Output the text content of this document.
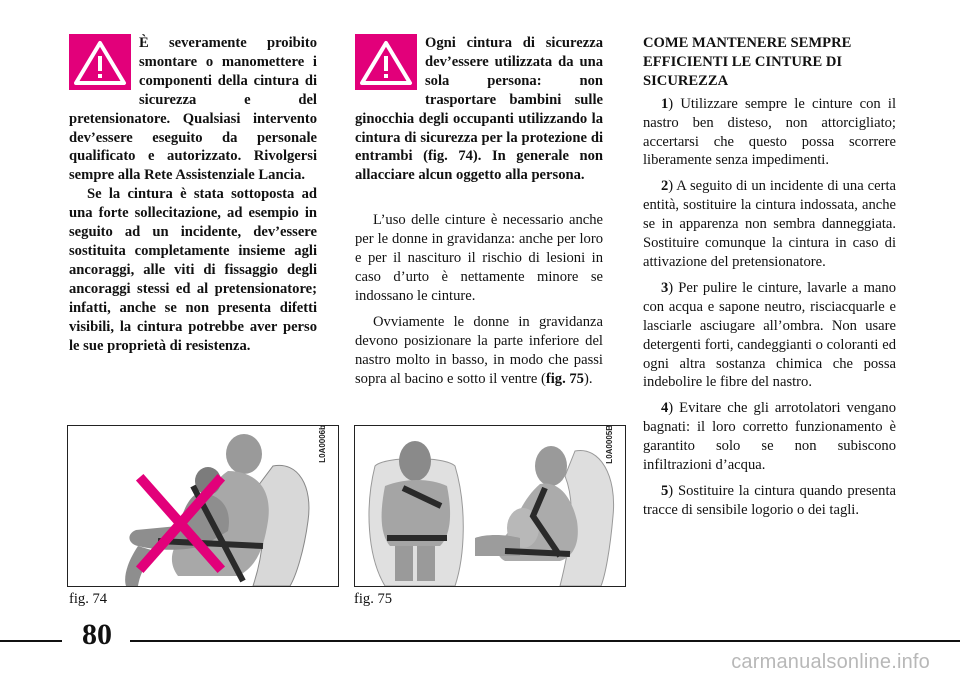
È severamente proibito smontare o manomettere i componenti della cintura di sicurezza e del pretensionatore. Qualsiasi intervento dev’essere eseguito da personale qualificato e autorizzato. Rivolgersi sempre alla Rete Assistenziale Lancia.
Se la cintura è stata sottoposta ad una forte sollecitazione, ad esempio in seguito ad un incidente, dev’essere sostituita completamente insieme agli ancoraggi, alle viti di fissaggio degli ancoraggi stessi ed al pretensionatore; infatti, anche se non presenta difetti visibili, la cintura potrebbe aver perso le sue proprietà di resistenza.
Ogni cintura di sicurezza dev’essere utilizzata da una sola persona: non trasportare bambini sulle ginocchia degli occupanti utilizzando la cintura di sicurezza per la protezione di entrambi (fig. 74). In generale non allacciare alcun oggetto alla persona.

L’uso delle cinture è necessario anche per le donne in gravidanza: anche per loro e per il nascituro il rischio di lesioni in caso d’urto è nettamente minore se indossano le cinture.

Ovviamente le donne in gravidanza devono posizionare la parte inferiore del nastro molto in basso, in modo che passi sopra al bacino e sotto il ventre (fig. 75).

COME MANTENERE SEMPRE EFFICIENTI LE CINTURE DI SICUREZZA

1) Utilizzare sempre le cinture con il nastro ben disteso, non attorcigliato; accertarsi che questo possa scorrere liberamente senza impedimenti.

2) A seguito di un incidente di una certa entità, sostituire la cintura indossata, anche se in apparenza non sembra danneggiata. Sostituire comunque la cintura in caso di attivazione del pretensionatore.

3) Per pulire le cinture, lavarle a mano con acqua e sapone neutro, risciacquarle e lasciarle asciugare all’ombra. Non usare detergenti forti, candeggianti o coloranti ed ogni altra sostanza chimica che possa indebolire le fibre del nastro.

4) Evitare che gli arrotolatori vengano bagnati: il loro corretto funzionamento è garantito solo se non subiscono infiltrazioni d’acqua.

5) Sostituire la cintura quando presenta tracce di sensibile logorio o dei tagli.

L0A0006b
fig. 74
L0A0005B
fig. 75
80
carmanualsonline.info
